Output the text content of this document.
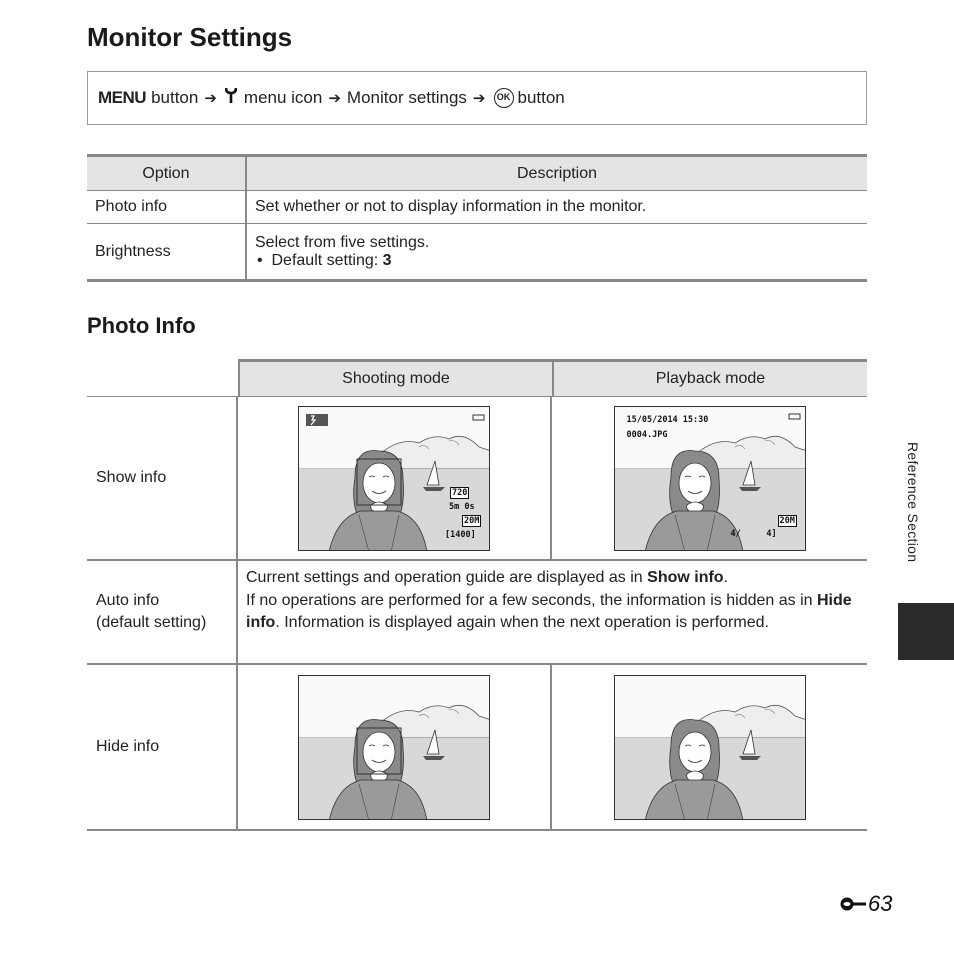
Monitor Settings
MENU button ➔ menu icon ➔ Monitor settings ➔	OK button
Option	Description
Photo info	Set whether or not to display information in the monitor.
Brightness	Select from five settings.
•  Default setting: 3
Photo Info
Shooting mode	Playback mode
Show info
720
5m 0s
20M
[1400]
15/05/2014 15:30
0004.JPG
20M
4/     4]
Auto info
(default setting)
Current settings and operation guide are displayed as in Show info.
If no operations are performed for a few seconds, the information is hidden as in Hide info. Information is displayed again when the next operation is performed.
Hide info
Reference Section
63
